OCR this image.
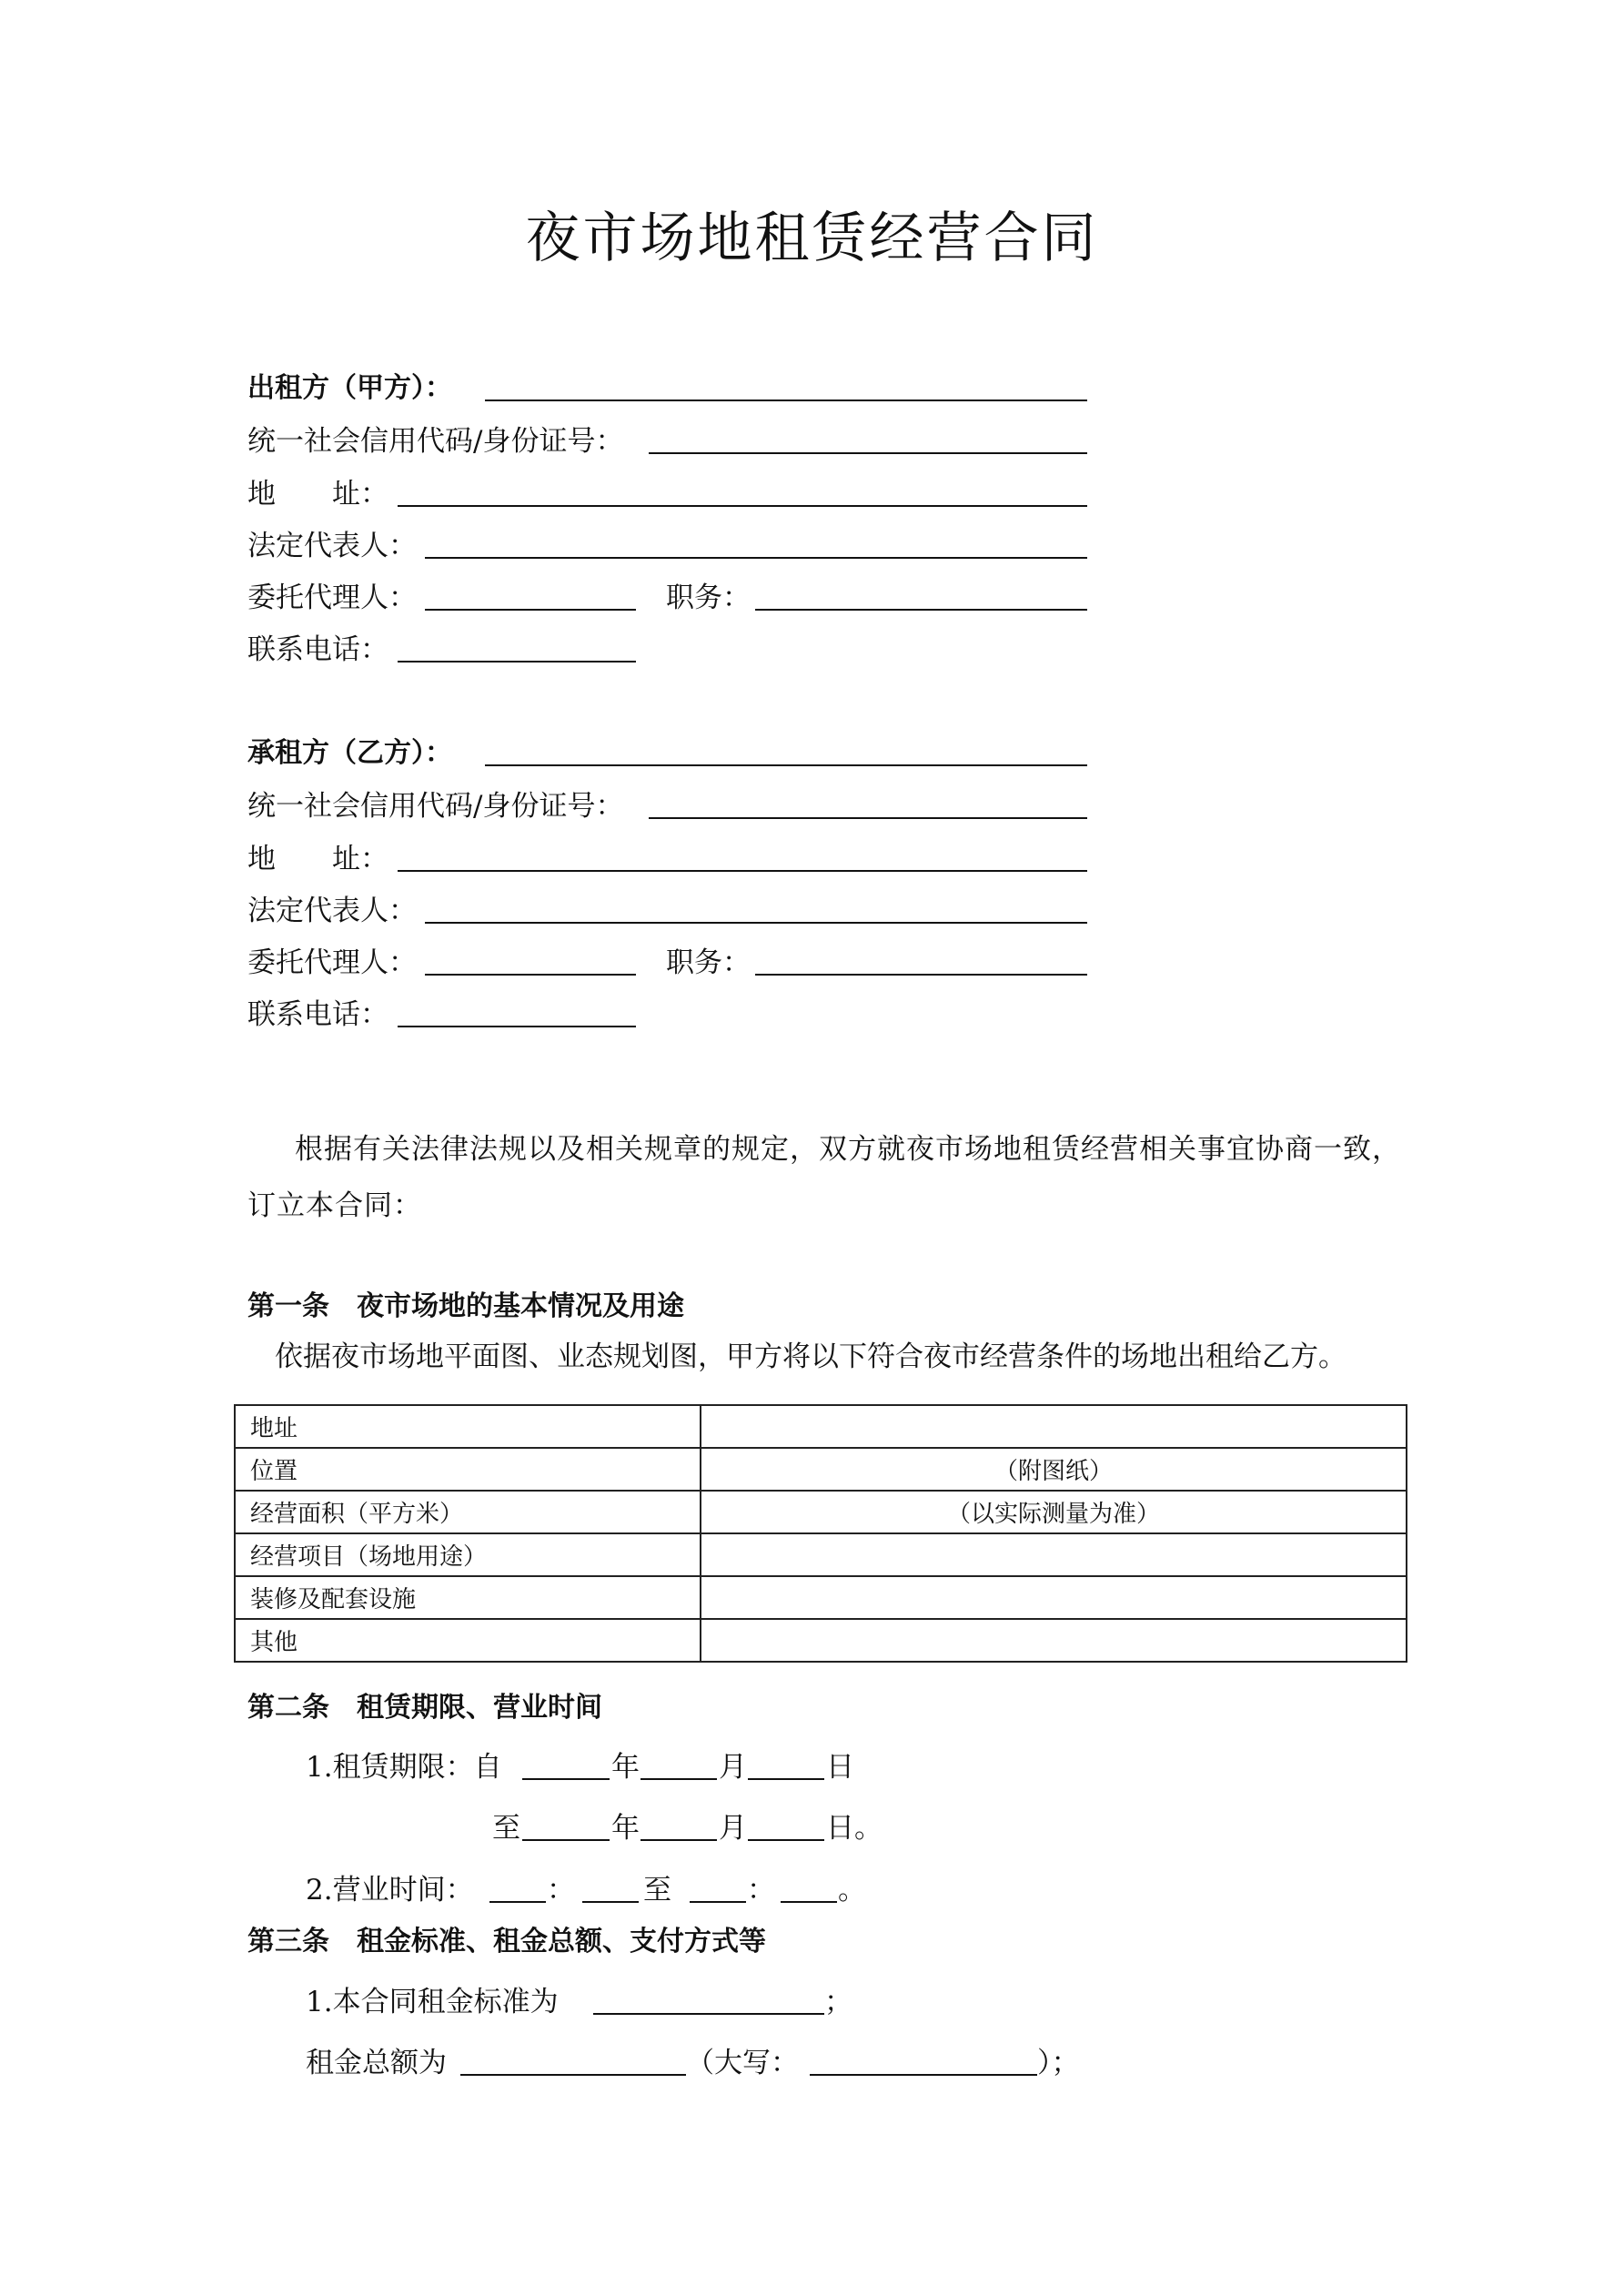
夜市场地租赁经营合同
出租方（甲方）：
统一社会信用代码/身份证号：
地　　址：
法定代表人：
委托代理人：	职务：
联系电话：
承租方（乙方）：
统一社会信用代码/身份证号：
地　　址：
法定代表人：
委托代理人：	职务：
联系电话：
根据有关法律法规以及相关规章的规定，双方就夜市场地租赁经营相关事宜协商一致，订立本合同：
第一条　夜市场地的基本情况及用途
依据夜市场地平面图、业态规划图，甲方将以下符合夜市经营条件的场地出租给乙方。
地址	
位置	（附图纸）
经营面积（平方米）	（以实际测量为准）
经营项目（场地用途）	
装修及配套设施	
其他	
第二条　租赁期限、营业时间
1.租赁期限：自	年	月	日
至	年	月	日。
2.营业时间：	： 至	： 。
第三条　租金标准、租金总额、支付方式等
1.本合同租金标准为	；
租金总额为	（大写：	）；
